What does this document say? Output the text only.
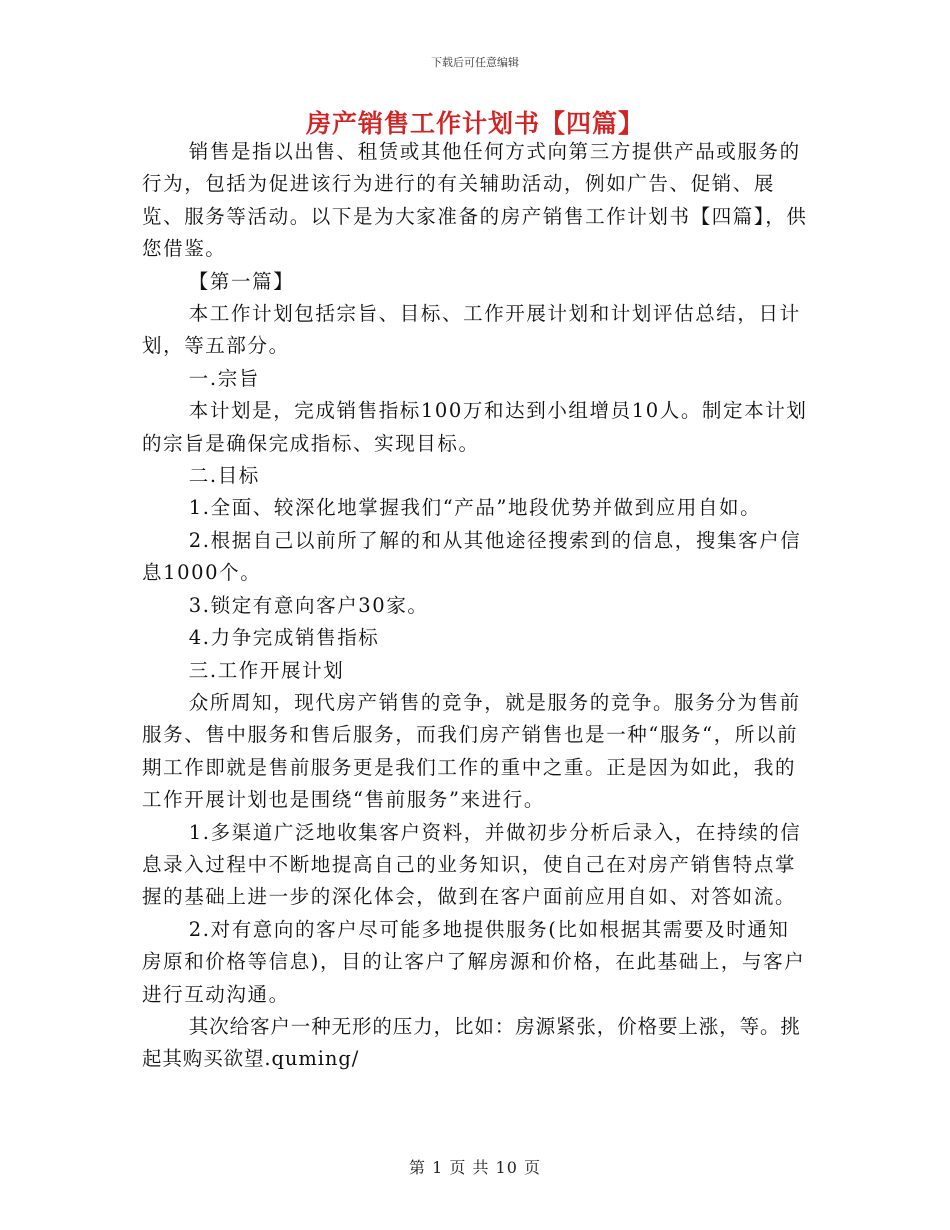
下载后可任意编辑
房产销售工作计划书【四篇】

销售是指以出售、租赁或其他任何方式向第三方提供产品或服务的行为，包括为促进该行为进行的有关辅助活动，例如广告、促销、展览、服务等活动。以下是为大家准备的房产销售工作计划书【四篇】，供您借鉴。

【第一篇】

本工作计划包括宗旨、目标、工作开展计划和计划评估总结，日计划，等五部分。

一.宗旨

本计划是，完成销售指标100万和达到小组增员10人。制定本计划的宗旨是确保完成指标、实现目标。

二.目标

1.全面、较深化地掌握我们“产品”地段优势并做到应用自如。

2.根据自己以前所了解的和从其他途径搜索到的信息，搜集客户信息1000个。

3.锁定有意向客户30家。

4.力争完成销售指标

三.工作开展计划

众所周知，现代房产销售的竞争，就是服务的竞争。服务分为售前服务、售中服务和售后服务，而我们房产销售也是一种“服务“，所以前期工作即就是售前服务更是我们工作的重中之重。正是因为如此，我的工作开展计划也是围绕“售前服务”来进行。

1.多渠道广泛地收集客户资料，并做初步分析后录入，在持续的信息录入过程中不断地提高自己的业务知识，使自己在对房产销售特点掌握的基础上进一步的深化体会，做到在客户面前应用自如、对答如流。

2.对有意向的客户尽可能多地提供服务(比如根据其需要及时通知房原和价格等信息)，目的让客户了解房源和价格，在此基础上，与客户进行互动沟通。

其次给客户一种无形的压力，比如：房源紧张，价格要上涨，等。挑起其购买欲望.quming/

第 1 页 共 10 页
